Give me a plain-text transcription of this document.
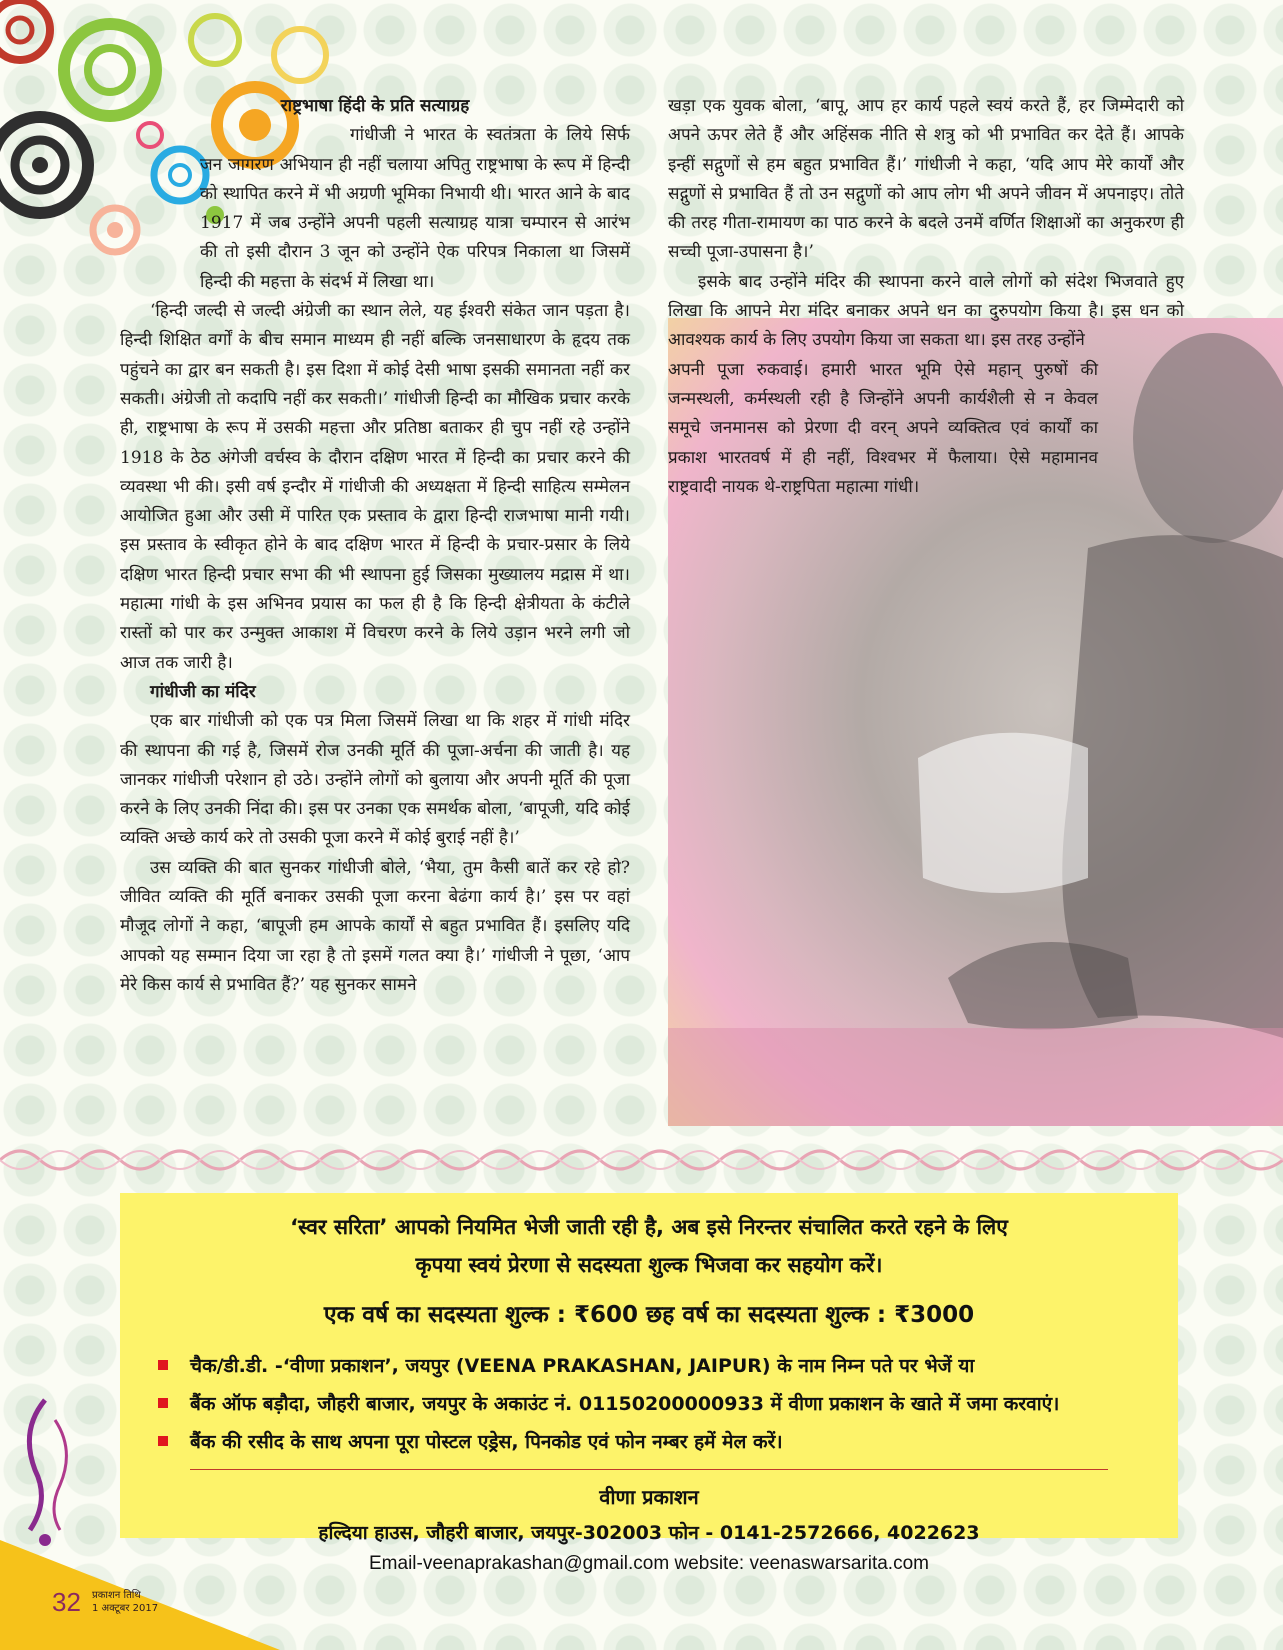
राष्ट्रभाषा हिंदी के प्रति सत्याग्रह

गांधीजी ने भारत के स्वतंत्रता के लिये सिर्फ जन जागरण अभियान ही नहीं चलाया अपितु राष्ट्रभाषा के रूप में हिन्दी को स्थापित करने में भी अग्रणी भूमिका निभायी थी। भारत आने के बाद 1917 में जब उन्होंने अपनी पहली सत्याग्रह यात्रा चम्पारन से आरंभ की तो इसी दौरान 3 जून को उन्होंने ऐक परिपत्र निकाला था जिसमें हिन्दी की महत्ता के संदर्भ में लिखा था।

‘हिन्दी जल्दी से जल्दी अंग्रेजी का स्थान लेले, यह ईश्वरी संकेत जान पड़ता है। हिन्दी शिक्षित वर्गों के बीच समान माध्यम ही नहीं बल्कि जनसाधारण के हृदय तक पहुंचने का द्वार बन सकती है। इस दिशा में कोई देसी भाषा इसकी समानता नहीं कर सकती। अंग्रेजी तो कदापि नहीं कर सकती।’ गांधीजी हिन्दी का मौखिक प्रचार करके ही, राष्ट्रभाषा के रूप में उसकी महत्ता और प्रतिष्ठा बताकर ही चुप नहीं रहे उन्होंने 1918 के ठेठ अंगेजी वर्चस्व के दौरान दक्षिण भारत में हिन्दी का प्रचार करने की व्यवस्था भी की। इसी वर्ष इन्दौर में गांधीजी की अध्यक्षता में हिन्दी साहित्य सम्मेलन आयोजित हुआ और उसी में पारित एक प्रस्ताव के द्वारा हिन्दी राजभाषा मानी गयी। इस प्रस्ताव के स्वीकृत होने के बाद दक्षिण भारत में हिन्दी के प्रचार-प्रसार के लिये दक्षिण भारत हिन्दी प्रचार सभा की भी स्थापना हुई जिसका मुख्यालय मद्रास में था। महात्मा गांधी के इस अभिनव प्रयास का फल ही है कि हिन्दी क्षेत्रीयता के कंटीले रास्तों को पार कर उन्मुक्त आकाश में विचरण करने के लिये उड़ान भरने लगी जो आज तक जारी है।

गांधीजी का मंदिर

एक बार गांधीजी को एक पत्र मिला जिसमें लिखा था कि शहर में गांधी मंदिर की स्थापना की गई है, जिसमें रोज उनकी मूर्ति की पूजा-अर्चना की जाती है। यह जानकर गांधीजी परेशान हो उठे। उन्होंने लोगों को बुलाया और अपनी मूर्ति की पूजा करने के लिए उनकी निंदा की। इस पर उनका एक समर्थक बोला, ‘बापूजी, यदि कोई व्यक्ति अच्छे कार्य करे तो उसकी पूजा करने में कोई बुराई नहीं है।’

उस व्यक्ति की बात सुनकर गांधीजी बोले, ‘भैया, तुम कैसी बातें कर रहे हो? जीवित व्यक्ति की मूर्ति बनाकर उसकी पूजा करना बेढंगा कार्य है।’ इस पर वहां मौजूद लोगों ने कहा, ‘बापूजी हम आपके कार्यों से बहुत प्रभावित हैं। इसलिए यदि आपको यह सम्मान दिया जा रहा है तो इसमें गलत क्या है।’ गांधीजी ने पूछा, ‘आप मेरे किस कार्य से प्रभावित हैं?’ यह सुनकर सामने

खड़ा एक युवक बोला, ‘बापू, आप हर कार्य पहले स्वयं करते हैं, हर जिम्मेदारी को अपने ऊपर लेते हैं और अहिंसक नीति से शत्रु को भी प्रभावित कर देते हैं। आपके इन्हीं सद्गुणों से हम बहुत प्रभावित हैं।’ गांधीजी ने कहा, ‘यदि आप मेरे कार्यों और सद्गुणों से प्रभावित हैं तो उन सद्गुणों को आप लोग भी अपने जीवन में अपनाइए। तोते की तरह गीता-रामायण का पाठ करने के बदले उनमें वर्णित शिक्षाओं का अनुकरण ही सच्ची पूजा-उपासना है।’

इसके बाद उन्होंने मंदिर की स्थापना करने वाले लोगों को संदेश भिजवाते हुए लिखा कि आपने मेरा मंदिर बनाकर अपने धन का दुरुपयोग किया है। इस धन को आवश्यक कार्य के लिए उपयोग किया जा सकता था। इस तरह उन्होंने

अपनी पूजा रुकवाई। हमारी भारत भूमि ऐसे महान् पुरुषों की जन्मस्थली, कर्मस्थली रही है जिन्होंने अपनी कार्यशैली से न केवल समूचे जनमानस को प्रेरणा दी वरन् अपने व्यक्तित्व एवं कार्यों का प्रकाश भारतवर्ष में ही नहीं, विश्वभर में फैलाया। ऐसे महामानव राष्ट्रवादी नायक थे-राष्ट्रपिता महात्मा गांधी।

‘स्वर सरिता’ आपको नियमित भेजी जाती रही है, अब इसे निरन्तर संचालित करते रहने के लिए
कृपया स्वयं प्रेरणा से सदस्यता शुल्क भिजवा कर सहयोग करें।
एक वर्ष का सदस्यता शुल्क : ₹600 छह वर्ष का सदस्यता शुल्क : ₹3000
चैक/डी.डी. -‘वीणा प्रकाशन’, जयपुर (VEENA PRAKASHAN, JAIPUR) के नाम निम्न पते पर भेजें या
बैंक ऑफ बड़ौदा, जौहरी बाजार, जयपुर के अकाउंट नं. 01150200000933 में वीणा प्रकाशन के खाते में जमा करवाएं।
बैंक की रसीद के साथ अपना पूरा पोस्टल एड्रेस, पिनकोड एवं फोन नम्बर हमें मेल करें।
वीणा प्रकाशन
हल्दिया हाउस, जौहरी बाजार, जयपुर-302003 फोन - 0141-2572666, 4022623
Email-veenaprakashan@gmail.com website: veenaswarsarita.com
32 प्रकाशन तिथि
1 अक्टूबर 2017
